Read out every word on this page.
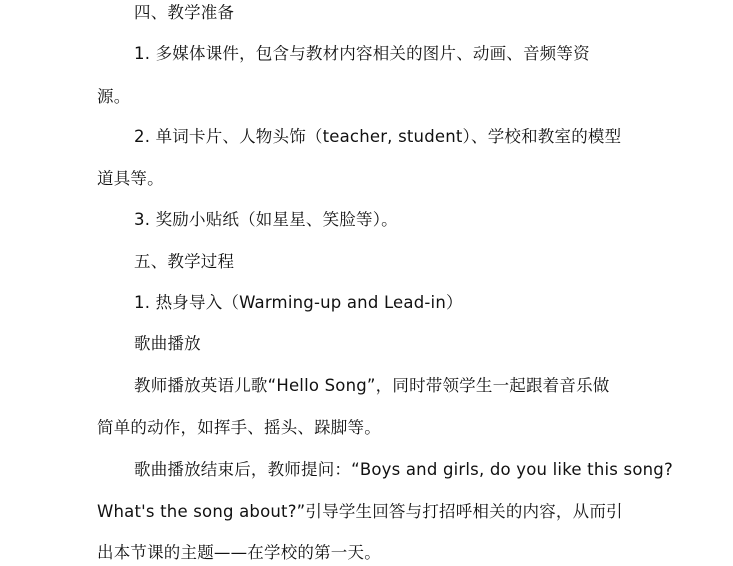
四、教学准备
1. 多媒体课件，包含与教材内容相关的图片、动画、音频等资
源。
2. 单词卡片、人物头饰（teacher, student）、学校和教室的模型
道具等。
3. 奖励小贴纸（如星星、笑脸等）。
五、教学过程
1. 热身导入（Warming-up and Lead-in）
歌曲播放
教师播放英语儿歌“Hello Song”，同时带领学生一起跟着音乐做
简单的动作，如挥手、摇头、跺脚等。
歌曲播放结束后，教师提问：“Boys and girls, do you like this song?
What's the song about?”引导学生回答与打招呼相关的内容，从而引
出本节课的主题——在学校的第一天。
